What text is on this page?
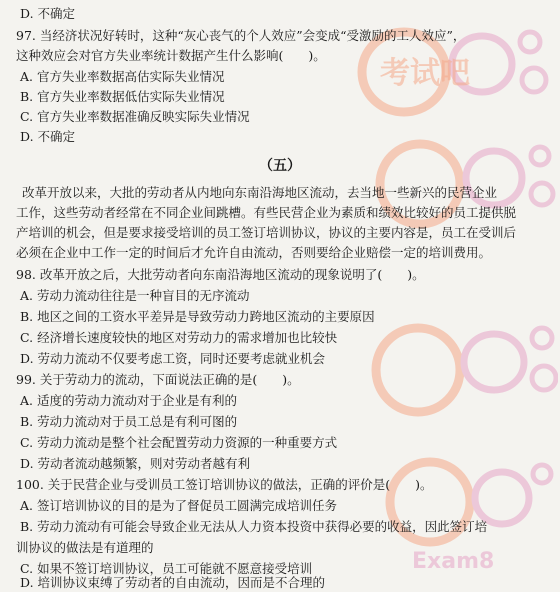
考试吧
Exam8
D. 不确定
97. 当经济状况好转时，这种“灰心丧气的个人效应”会变成“受激励的工人效应”，
这种效应会对官方失业率统计数据产生什么影响(　　)。
A. 官方失业率数据高估实际失业情况
B. 官方失业率数据低估实际失业情况
C. 官方失业率数据准确反映实际失业情况
D. 不确定
（五）
改革开放以来，大批的劳动者从内地向东南沿海地区流动，去当地一些新兴的民营企业
工作，这些劳动者经常在不同企业间跳槽。有些民营企业为素质和绩效比较好的员工提供脱
产培训的机会，但是要求接受培训的员工签订培训协议，协议的主要内容是，员工在受训后
必须在企业中工作一定的时间后才允许自由流动，否则要给企业赔偿一定的培训费用。
98. 改革开放之后，大批劳动者向东南沿海地区流动的现象说明了(　　)。
A. 劳动力流动往往是一种盲目的无序流动
B. 地区之间的工资水平差异是导致劳动力跨地区流动的主要原因
C. 经济增长速度较快的地区对劳动力的需求增加也比较快
D. 劳动力流动不仅要考虑工资，同时还要考虑就业机会
99. 关于劳动力的流动，下面说法正确的是(　　)。
A. 适度的劳动力流动对于企业是有利的
B. 劳动力流动对于员工总是有利可图的
C. 劳动力流动是整个社会配置劳动力资源的一种重要方式
D. 劳动者流动越频繁，则对劳动者越有利
100. 关于民营企业与受训员工签订培训协议的做法，正确的评价是(　　)。
A. 签订培训协议的目的是为了督促员工圆满完成培训任务
B. 劳动力流动有可能会导致企业无法从人力资本投资中获得必要的收益，因此签订培
训协议的做法是有道理的
C. 如果不签订培训协议，员工可能就不愿意接受培训
D. 培训协议束缚了劳动者的自由流动，因而是不合理的
